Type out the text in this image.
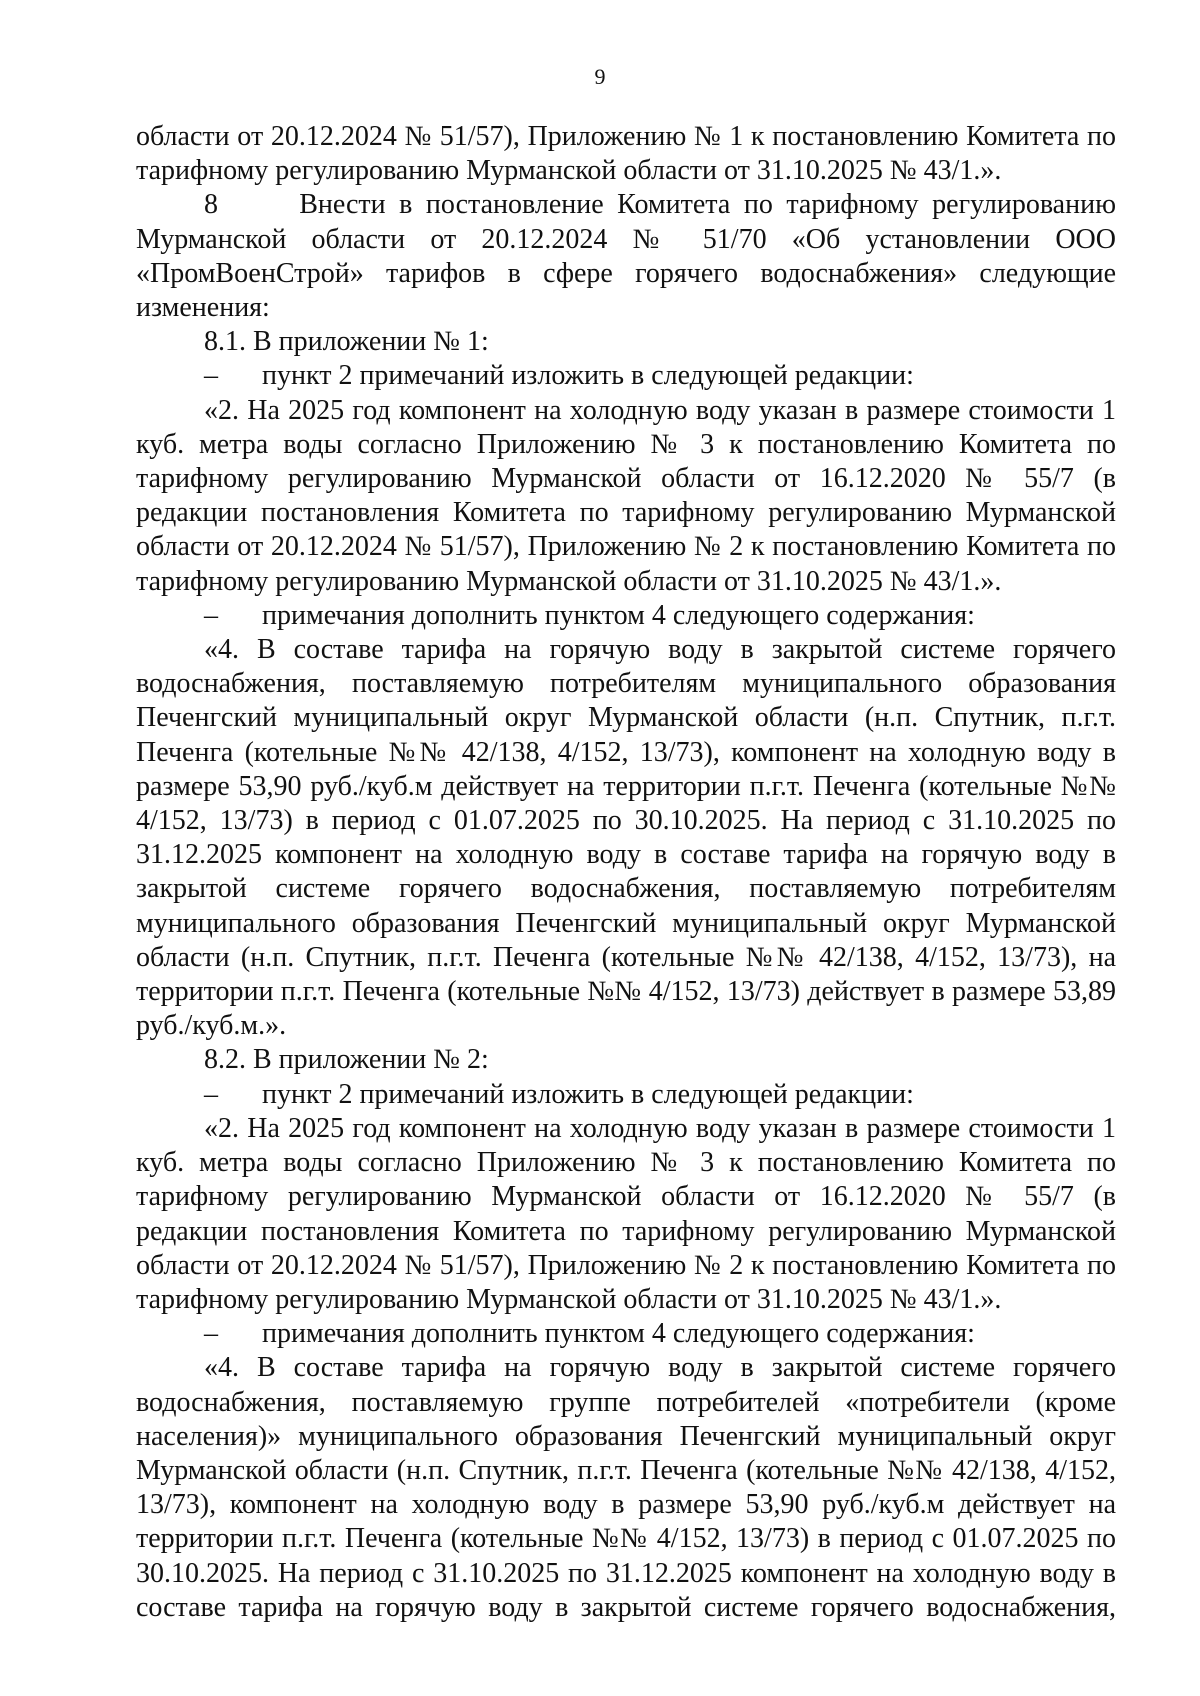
9

области от 20.12.2024 № 51/57), Приложению № 1 к постановлению Комитета по тарифному регулированию Мурманской области от 31.10.2025 № 43/1.».

8      Внести в постановление Комитета по тарифному регулированию Мурманской области от 20.12.2024 № 51/70 «Об установлении ООО «ПромВоенСтрой» тарифов в сфере горячего водоснабжения» следующие изменения:

8.1. В приложении № 1:

–	пункт 2 примечаний изложить в следующей редакции:

«2. На 2025 год компонент на холодную воду указан в размере стоимости 1 куб. метра воды согласно Приложению № 3 к постановлению Комитета по тарифному регулированию Мурманской области от 16.12.2020 № 55/7 (в редакции постановления Комитета по тарифному регулированию Мурманской области от 20.12.2024 № 51/57), Приложению № 2 к постановлению Комитета по тарифному регулированию Мурманской области от 31.10.2025 № 43/1.».

–	примечания дополнить пунктом 4 следующего содержания:

«4. В составе тарифа на горячую воду в закрытой системе горячего водоснабжения, поставляемую потребителям муниципального образования Печенгский муниципальный округ Мурманской области (н.п. Спутник, п.г.т. Печенга (котельные №№ 42/138, 4/152, 13/73), компонент на холодную воду в размере 53,90 руб./куб.м действует на территории п.г.т. Печенга (котельные №№ 4/152, 13/73) в период с 01.07.2025 по 30.10.2025. На период с 31.10.2025 по 31.12.2025 компонент на холодную воду в составе тарифа на горячую воду в закрытой системе горячего водоснабжения, поставляемую потребителям муниципального образования Печенгский муниципальный округ Мурманской области (н.п. Спутник, п.г.т. Печенга (котельные №№ 42/138, 4/152, 13/73), на территории п.г.т. Печенга (котельные №№ 4/152, 13/73) действует в размере 53,89 руб./куб.м.».

8.2. В приложении № 2:

–	пункт 2 примечаний изложить в следующей редакции:

«2. На 2025 год компонент на холодную воду указан в размере стоимости 1 куб. метра воды согласно Приложению № 3 к постановлению Комитета по тарифному регулированию Мурманской области от 16.12.2020 № 55/7 (в редакции постановления Комитета по тарифному регулированию Мурманской области от 20.12.2024 № 51/57), Приложению № 2 к постановлению Комитета по тарифному регулированию Мурманской области от 31.10.2025 № 43/1.».

–	примечания дополнить пунктом 4 следующего содержания:

«4. В составе тарифа на горячую воду в закрытой системе горячего водоснабжения, поставляемую группе потребителей «потребители (кроме населения)» муниципального образования Печенгский муниципальный округ Мурманской области (н.п. Спутник, п.г.т. Печенга (котельные №№ 42/138, 4/152, 13/73), компонент на холодную воду в размере 53,90 руб./куб.м действует на территории п.г.т. Печенга (котельные №№ 4/152, 13/73) в период с 01.07.2025 по 30.10.2025. На период с 31.10.2025 по 31.12.2025 компонент на холодную воду в составе тарифа на горячую воду в закрытой системе горячего водоснабжения,
